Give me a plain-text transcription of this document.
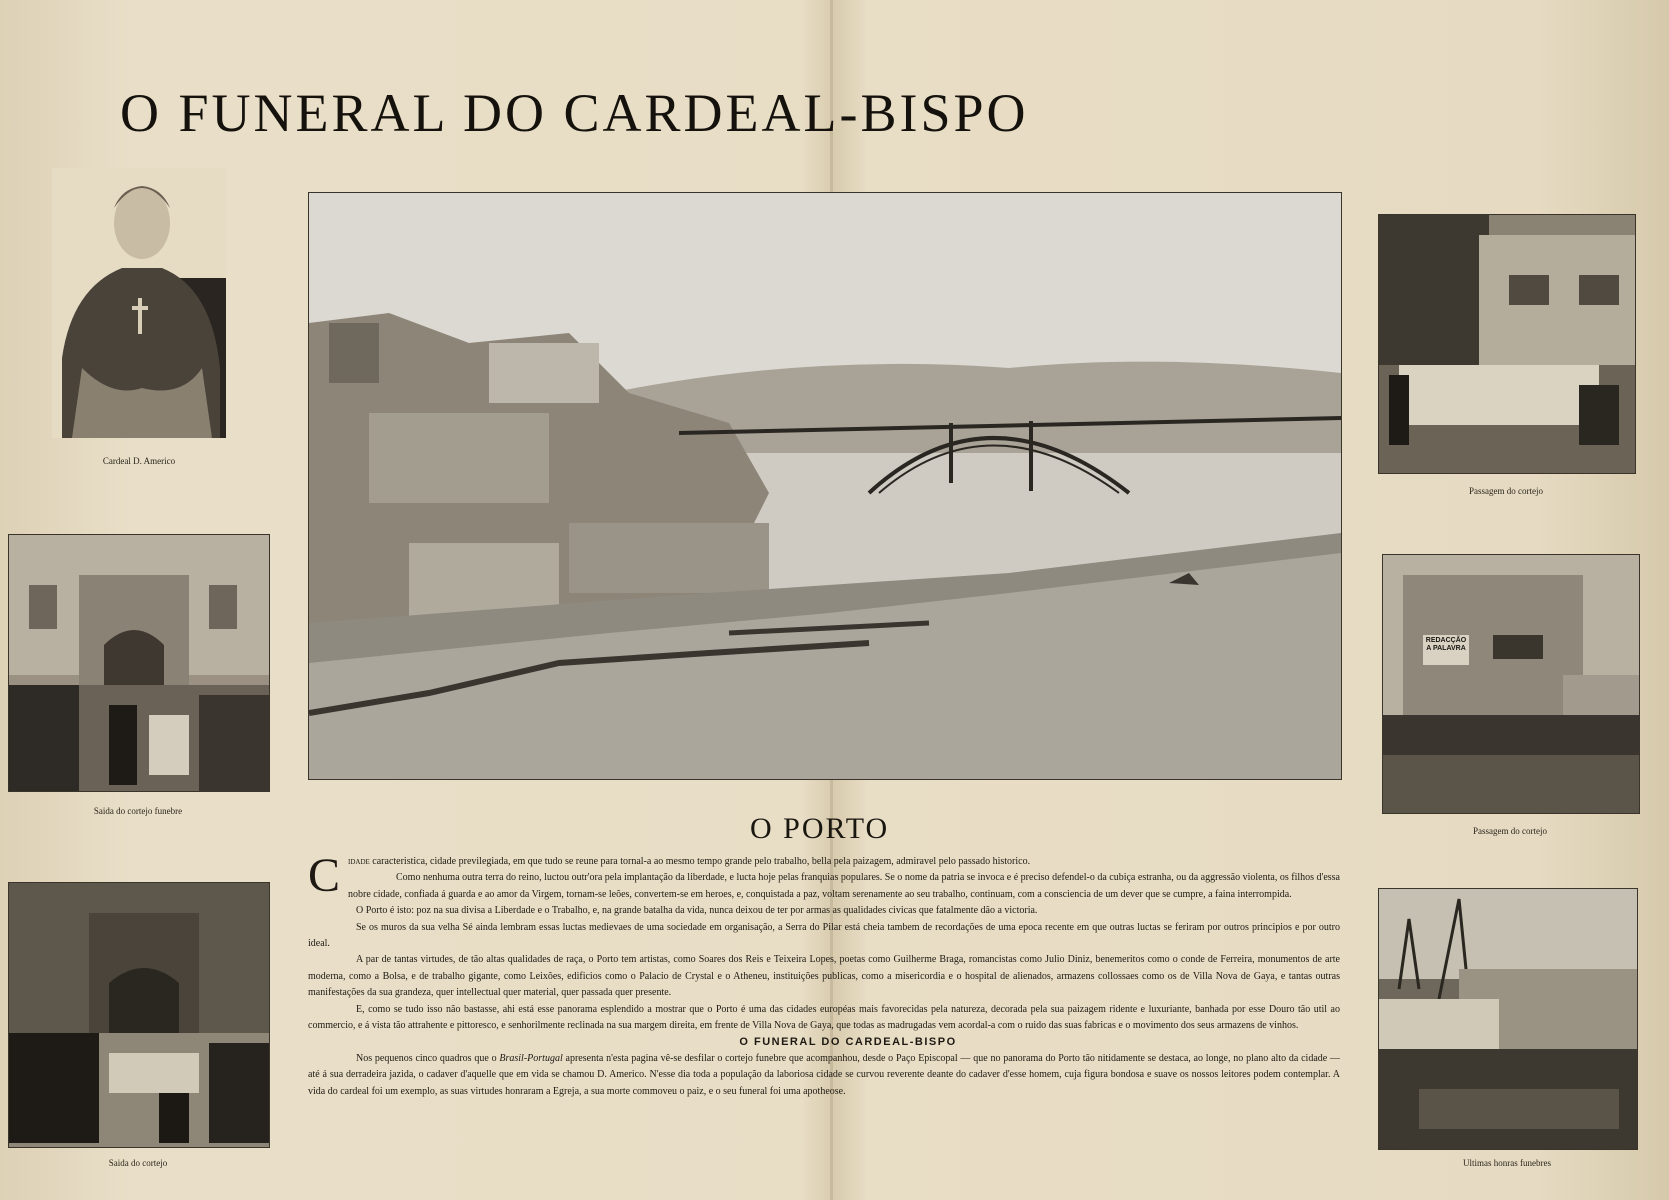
O FUNERAL DO CARDEAL-BISPO
Cardeal D. Americo
Saida do cortejo funebre
Saida do cortejo
Passagem do cortejo
REDACÇÃO A PALAVRA
Passagem do cortejo
Ultimas honras funebres
O PORTO

Cidade caracteristica, cidade previlegiada, em que tudo se reune para tornal-a ao mesmo tempo grande pelo trabalho, bella pela paizagem, admiravel pelo passado historico.

Como nenhuma outra terra do reino, luctou outr'ora pela implantação da liberdade, e lucta hoje pelas franquias populares. Se o nome da patria se invoca e é preciso defendel-o da cubiça estranha, ou da aggressão violenta, os filhos d'essa nobre cidade, confiada á guarda e ao amor da Virgem, tornam-se leões, convertem-se em heroes, e, conquistada a paz, voltam serenamente ao seu trabalho, continuam, com a consciencia de um dever que se cumpre, a faina interrompida.

O Porto é isto: poz na sua divisa a Liberdade e o Trabalho, e, na grande batalha da vida, nunca deixou de ter por armas as qualidades civicas que fatalmente dão a victoria.

Se os muros da sua velha Sé ainda lembram essas luctas medievaes de uma sociedade em organisação, a Serra do Pilar está cheia tambem de recordações de uma epoca recente em que outras luctas se feriram por outros principios e por outro ideal.

A par de tantas virtudes, de tão altas qualidades de raça, o Porto tem artistas, como Soares dos Reis e Teixeira Lopes, poetas como Guilherme Braga, romancistas como Julio Diniz, benemeritos como o conde de Ferreira, monumentos de arte moderna, como a Bolsa, e de trabalho gigante, como Leixões, edificios como o Palacio de Crystal e o Atheneu, instituições publicas, como a misericordia e o hospital de alienados, armazens collossaes como os de Villa Nova de Gaya, e tantas outras manifestações da sua grandeza, quer intellectual quer material, quer passada quer presente.

E, como se tudo isso não bastasse, ahi está esse panorama esplendido a mostrar que o Porto é uma das cidades européas mais favorecidas pela natureza, decorada pela sua paizagem ridente e luxuriante, banhada por esse Douro tão util ao commercio, e á vista tão attrahente e pittoresco, e senhorilmente reclinada na sua margem direita, em frente de Villa Nova de Gaya, que todas as madrugadas vem acordal-a com o ruido das suas fabricas e o movimento dos seus armazens de vinhos.

O FUNERAL DO CARDEAL-BISPO

Nos pequenos cinco quadros que o Brasil-Portugal apresenta n'esta pagina vê-se desfilar o cortejo funebre que acompanhou, desde o Paço Episcopal — que no panorama do Porto tão nitidamente se destaca, ao longe, no plano alto da cidade — até á sua derradeira jazida, o cadaver d'aquelle que em vida se chamou D. Americo. N'esse dia toda a população da laboriosa cidade se curvou reverente deante do cadaver d'esse homem, cuja figura bondosa e suave os nossos leitores podem contemplar. A vida do cardeal foi um exemplo, as suas virtudes honraram a Egreja, a sua morte commoveu o paiz, e o seu funeral foi uma apotheose.
